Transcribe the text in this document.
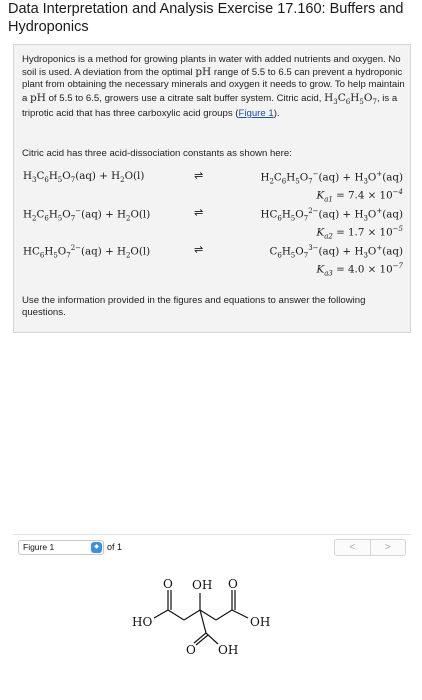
Data Interpretation and Analysis Exercise 17.160: Buffers and Hydroponics
Hydroponics is a method for growing plants in water with added nutrients and oxygen. No soil is used. A deviation from the optimal pH range of 5.5 to 6.5 can prevent a hydroponic plant from obtaining the necessary minerals and oxygen it needs to grow. To help maintain a pH of 5.5 to 6.5, growers use a citrate salt buffer system. Citric acid, $H_3C_6H_5O_7$, is a triprotic acid that has three carboxylic acid groups (Figure 1).
Citric acid has three acid-dissociation constants as shown here:
$H_3C_6H_5O_7(aq) + H_2O(l)$	⇌	$H_2C_6H_5O_7^-(aq) + H_3O^+(aq)$
$K_{a1} = 7.4 \times 10^{-4}$
$H_2C_6H_5O_7^-(aq) + H_2O(l)$	⇌	$HC_6H_5O_7^{2-}(aq) + H_3O^+(aq)$
$K_{a2} = 1.7 \times 10^{-5}$
$HC_6H_5O_7^{2-}(aq) + H_2O(l)$	⇌	$C_6H_5O_7^{3-}(aq) + H_3O^+(aq)$
$K_{a3} = 4.0 \times 10^{-7}$
Use the information provided in the figures and equations to answer the following questions.
Figure 1	◆ of 1	<	>
O OH O
HO	OH
O OH
